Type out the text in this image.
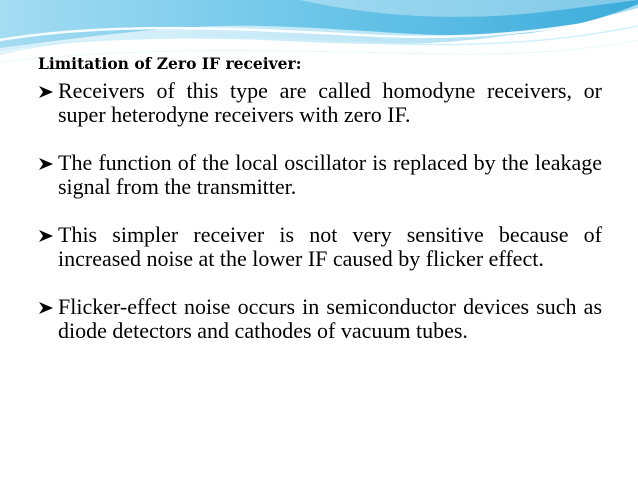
Limitation of Zero IF receiver:
Receivers of this type are called homodyne receivers, or super heterodyne receivers with zero IF.
The function of the local oscillator is replaced by the leakage signal from the transmitter.
This simpler receiver is not very sensitive because of increased noise at the lower IF caused by flicker effect.
Flicker-effect noise occurs in semiconductor devices such as diode detectors and cathodes of vacuum tubes.
